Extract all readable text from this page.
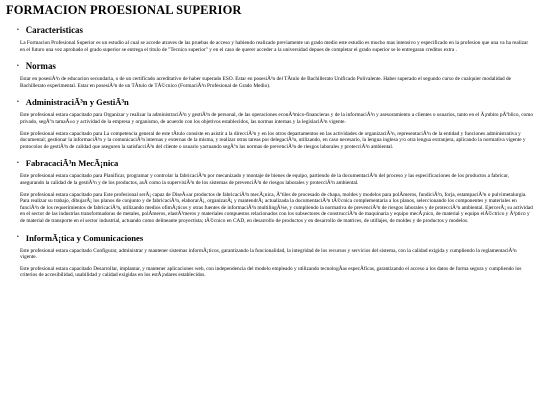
FORMACION PROESIONAL SUPERIOR
• Caracteristicas

La Formacion Profesional Superior es un estudio al cual se accede atraves de las pruebas de acceso y habiendo realizado previamente un grado medio este estudio es mucho mas intensivo y especificado en la profesion que una va ha realizar en el futuro una vez aprobado el grado superior se entrega el titulo de "Tecnico superior" y en el caso de querer acceder a la universidad depues de completar el grado superior se le entregaran creditos extra .

• Normas

Estar en posesiÃ³n de educacion secundaria, o de un certificado acreditativo de haber superado ESO. Estar en posesiÃ³n del TÃtulo de Bachillerato Unificado Polivalente. Haber superado el segundo curso de cualquier modalidad de Bachillerato experimental. Estar en posesiÃ³n de un TÃtulo de TÃ©cnico (FormaciÃ³n Profesional de Grado Medio).

• AdministraciÃ³n y GestiÃ³n

Este profesional estara capacitado para Organizar y realizar la administraciÃ³n y gestiÃ³n de personal, de las operaciones econÃ³mico-financieras y de la informaciÃ³n y asesoramiento a clientes o usuarios, tanto en el Ã¡mbito pÃºblico, como privado, segÃºn tamaÃ±o y actividad de la empresa y organismo, de acuerdo con los objetivos establecidos, las normas internas y la legislaciÃ³n vigente.

Este profesional estara capacitado para La competencia general de este tÃtulo consiste en asistir a la direcciÃ³n y en los otros departamentos en las actividades de organizaciÃ³n, representaciÃ³n de la entidad y funciones administrativa y documental; gestionar la informaciÃ³n y la comunicaciÃ³n internas y externas de la misma, y realizar otras tareas por delegaciÃ³n, utilizando, en caso necesario, la lengua inglesa y/o otra lengua extranjera, aplicando la normativa vigente y protocolos de gestiÃ³n de calidad que aseguren la satisfacciÃ³n del cliente o usuario yactuando segÃºn las normas de prevenciÃ³n de riesgos laborales y protecciÃ³n ambiental.

• FabracaciÃ³n MecÃ¡nica

Este profesional estara capacitado para Planificar, programar y controlar la fabricaciÃ³n por mecanizado y montaje de bienes de equipo, partiendo de la documentaciÃ³n del proceso y las especificaciones de los productos a fabricar, asegurando la calidad de la gestiÃ³n y de los productos, asÃ como la supervisiÃ³n de los sistemas de prevenciÃ³n de riesgos laborales y protecciÃ³n ambiental.

Este profesional estara capacitado para Este profesional serÃ¡ capaz de DiseÃ±ar productos de fabricaciÃ³n mecÃ¡nica, Ãºtiles de procesado de chapa, moldes y modelos para polÃmeros, fundiciÃ³n, forja, estampaciÃ³n o pulvimetalurgia. Para realizar su trabajo, dibujarÃ¡ los planos de conjunto y de fabricaciÃ³n, elaborarÃ¡, organizarÃ¡ y mantendrÃ¡ actualizada la documentaciÃ³n tÃ©cnica complementaria a los planos, seleccionando los componentes y materiales en funciÃ³n de los requerimientos de fabricaciÃ³n, utilizando medios ofimÃ¡ticos y otras fuentes de informaciÃ³n multilingÃ¼e, y cumpliendo la normativa de prevenciÃ³n de riesgos laborales y de protecciÃ³n ambiental. EjercerÃ¡ su actividad en el sector de las industrias transformadoras de metales, polÃmeros, elastÃ³meros y materiales compuestos relacionados con los subsectores de construcciÃ³n de maquinaria y equipo mecÃ¡nico, de material y equipo elÃ©ctrico y Ã³ptico y de material de transporte en el sector industrial, actuando como delineante proyectista; tÃ©cnico en CAD, en desarrollo de productos y en desarrollo de matrices, de utillajes, de moldes y de productos y modelos.

• InformÃ¡tica y Comunicaciones

Este profesional estara capacitado Configurar, administrar y mantener sistemas informÃ¡ticos, garantizando la funcionalidad, la integridad de los recursos y servicios del sistema, con la calidad exigida y cumpliendo la reglamentaciÃ³n vigente.

Este profesional estara capacitado Desarrollar, implantar, y mantener aplicaciones web, con independencia del modelo empleado y utilizando tecnologÃas especÃficas, garantizando el acceso a los datos de forma segura y cumpliendo los criterios de accesibilidad, usabilidad y calidad exigidas en los estÃ¡ndares establecidos.
